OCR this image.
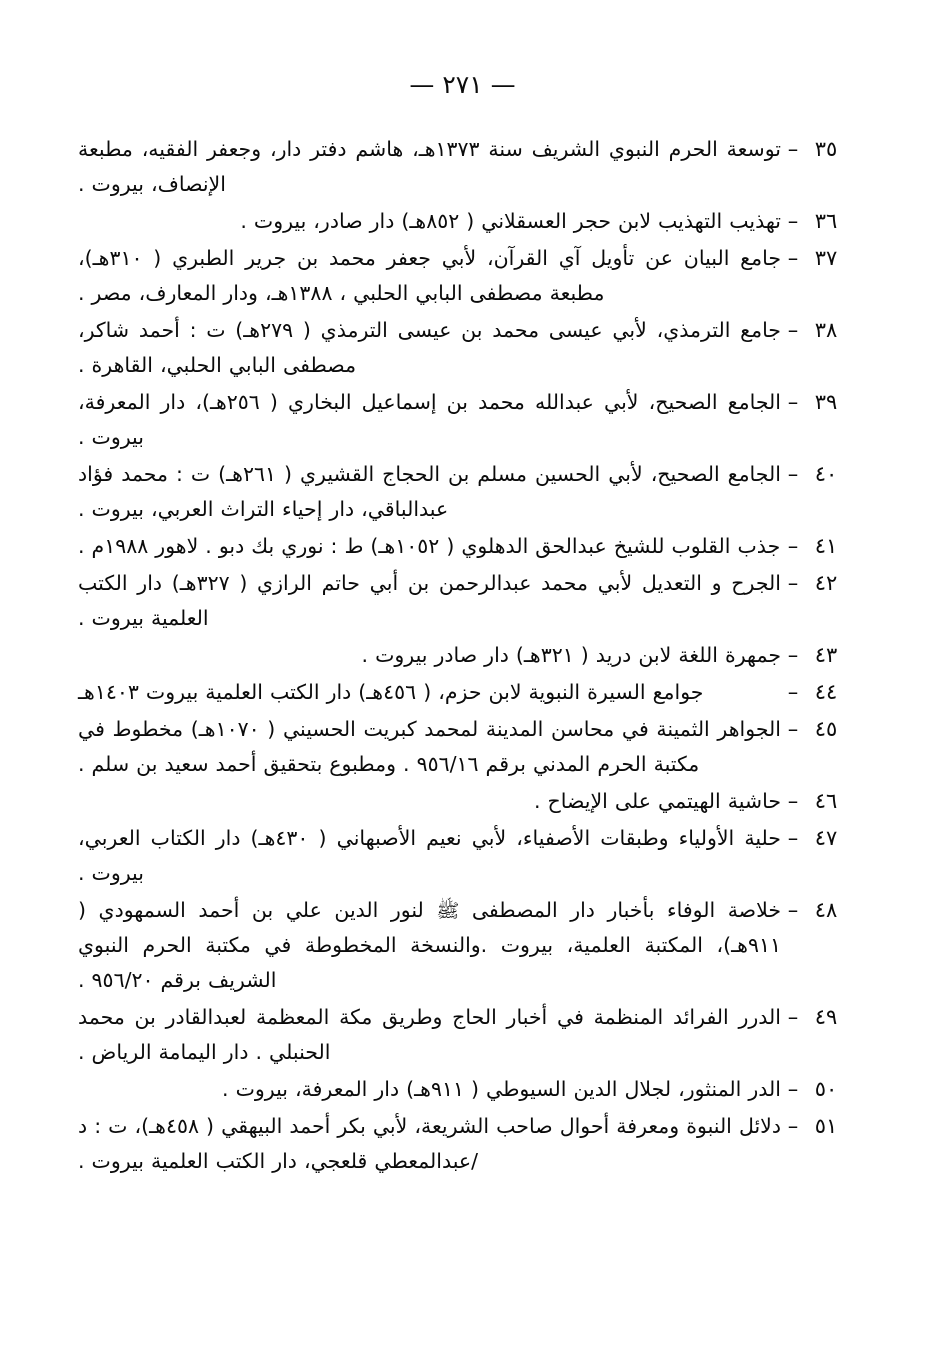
— ٢٧١ —
٣٥
–
توسعة الحرم النبوي الشريف سنة ١٣٧٣هـ، هاشم دفتر دار، وجعفر الفقيه، مطبعة الإنصاف، بيروت .
٣٦
–
تهذيب التهذيب لابن حجر العسقلاني ( ٨٥٢هـ) دار صادر، بيروت .
٣٧
–
جامع البيان عن تأويل آي القرآن، لأبي جعفر محمد بن جرير الطبري ( ٣١٠هـ)، مطبعة مصطفى البابي الحلبي ، ١٣٨٨هـ، ودار المعارف، مصر .
٣٨
–
جامع الترمذي، لأبي عيسى محمد بن عيسى الترمذي ( ٢٧٩هـ) ت : أحمد شاكر، مصطفى البابي الحلبي، القاهرة .
٣٩
–
الجامع الصحيح، لأبي عبدالله محمد بن إسماعيل البخاري ( ٢٥٦هـ)، دار المعرفة، بيروت .
٤٠
–
الجامع الصحيح، لأبي الحسين مسلم بن الحجاج القشيري ( ٢٦١هـ) ت : محمد فؤاد عبدالباقي، دار إحياء التراث العربي، بيروت .
٤١
–
جذب القلوب للشيخ عبدالحق الدهلوي ( ١٠٥٢هـ) ط : نوري بك دبو . لاهور ١٩٨٨م .
٤٢
–
الجرح و التعديل لأبي محمد عبدالرحمن بن أبي حاتم الرازي ( ٣٢٧هـ) دار الكتب العلمية بيروت .
٤٣
–
جمهرة اللغة لابن دريد ( ٣٢١هـ) دار صادر بيروت .
٤٤
–
جوامع السيرة النبوية لابن حزم، ( ٤٥٦هـ) دار الكتب العلمية بيروت ١٤٠٣هـ
٤٥
–
الجواهر الثمينة في محاسن المدينة لمحمد كبريت الحسيني ( ١٠٧٠هـ) مخطوط في مكتبة الحرم المدني برقم ٩٥٦/١٦ . ومطبوع بتحقيق أحمد سعيد بن سلم .
٤٦
–
حاشية الهيتمي على الإيضاح .
٤٧
–
حلية الأولياء وطبقات الأصفياء، لأبي نعيم الأصبهاني ( ٤٣٠هـ) دار الكتاب العربي، بيروت .
٤٨
–
خلاصة الوفاء بأخبار دار المصطفى ﷺ لنور الدين علي بن أحمد السمهودي ( ٩١١هـ)، المكتبة العلمية، بيروت .والنسخة المخطوطة في مكتبة الحرم النبوي الشريف برقم ٩٥٦/٢٠ .
٤٩
–
الدرر الفرائد المنظمة في أخبار الحاج وطريق مكة المعظمة لعبدالقادر بن محمد الحنبلي . دار اليمامة الرياض .
٥٠
–
الدر المنثور، لجلال الدين السيوطي ( ٩١١هـ) دار المعرفة، بيروت .
٥١
–
دلائل النبوة ومعرفة أحوال صاحب الشريعة، لأبي بكر أحمد البيهقي ( ٤٥٨هـ)، ت : د /عبدالمعطي قلعجي، دار الكتب العلمية بيروت .
